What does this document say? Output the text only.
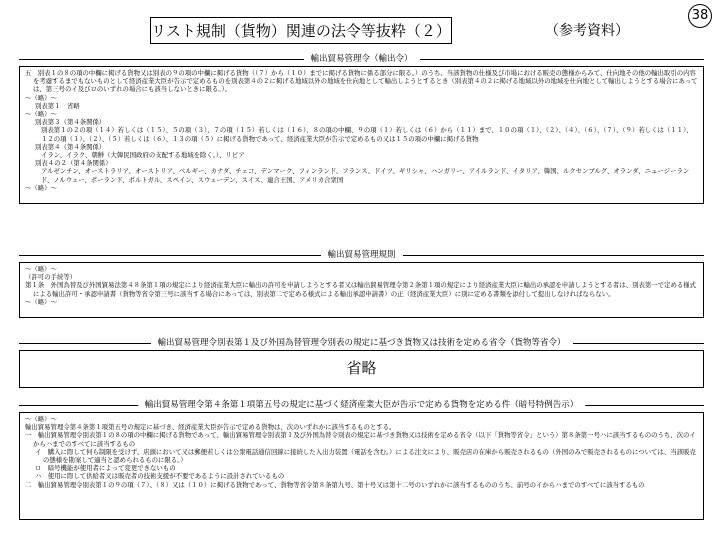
リスト規制（貨物）関連の法令等抜粋（２）	（参考資料）
38
輸出貿易管理令（輸出令）

五　別表１の８の項の中欄に掲げる貨物又は別表の９の項の中欄に掲げる貨物（（７）から（１０）までに掲げる貨物に係る部分に限る。）のうち、当該貨物の仕様及び市場における販売の態様からみて、仕向地その他の輸出取引の内容を考慮するまでもないものとして経済産業大臣が告示で定めるものを別表第４の２に掲げる地域以外の地域を仕向地として輸出しようとするとき（別表第４の２に掲げる地域以外の地域を仕向地として輸出しようとする場合にあっては、第三号のイ及びロのいずれの場合にも該当しないときに限る。）。

～（略）～

別表第１　省略

～（略）～

別表第３（第４条関係）

別表第１の２の項（１４）若しくは（１５）、５の項（３）、７の項（１５）若しくは（１６）、８の項の中欄、９の項（１）若しくは（６）から（１１）まで、１０の項（１）、（２）、（４）、（６）、（７）、（９）若しくは（１１）、１２の項（１）、（２）、（５）若しくは（６）、１３の項（５）に掲げる貨物であって、経済産業大臣が告示で定めるもの又は１５の項の中欄に掲げる貨物

別表第４（第４条関係）

イラン、イラク、朝鮮（大韓民国政府の支配する地域を除く。）、リビア

別表４の２（第４条関係）

アルゼンチン、オーストラリア、オーストリア、ベルギー、カナダ、チェコ、デンマーク、フィンランド、フランス、ドイツ、ギリシャ、ハンガリー、アイルランド、イタリア、韓国、ルクセンブルグ、オランダ、ニュージーランド、ノルウェー、ポーランド、ポルトガル、スペイン、スウェーデン、スイス、連合王国、アメリカ合衆国

～（略）～

輸出貿易管理規則

～（略）～

（許可の手続等）

第１条　外国為替及び外国貿易法第４８条第１項の規定により経済産業大臣に輸出の許可を申請しようとする者又は輸出貿易管理令第２条第１項の規定により経済産業大臣に輸出の承認を申請しようとする者は、別表第一で定める様式による輸出許可・承認申請書（貨物等省令第三号に該当する場合にあっては、別表第二で定める様式による輸出承認申請書）の正（経済産業大臣）に別に定める書類を添付して提出しなければならない。

～（略）～

輸出貿易管理令別表第１及び外国為替管理令別表の規定に基づき貨物又は技術を定める省令（貨物等省令）
省略
輸出貿易管理令第４条第１項第五号の規定に基づく経済産業大臣が告示で定める貨物を定める件（暗号特例告示）

～（略）～

輸出貿易管理令第４条第１項第五号の規定に基づき、経済産業大臣が告示で定める貨物は、次のいずれかに該当するものとする。

一　輸出貿易管理令別表第１の８の項の中欄に掲げる貨物であって、輸出貿易管理令別表第１及び外国為替令別表の規定に基づき貨物又は技術を定める省令（以下「貨物等省令」という）第８条第一号ハに該当するもののうち、次のイからハまでのすべてに該当するもの

イ　購入に際して何ら制限を受けず、店頭において又は郵便若しくは公衆電話通信回線に接続した入出力装置（電話を含む。）による注文により、販売店の在庫から販売されるもの（外国のみで販売されるものについては、当該販売の態様を勘案して適当と認められるものに限る。）

ロ　暗号機能が使用者によって変更できないもの

ハ　使用に際して供給者又は販売者の技術支援が不要であるように設計されているもの

二　輸出貿易管理令別表第１の９の項（７）、（８）又は（１０）に掲げる貨物であって、貨物等省令第８条第九号、第十号又は第十二号のいずれかに該当するもののうち、前号のイからハまでのすべてに該当するもの
